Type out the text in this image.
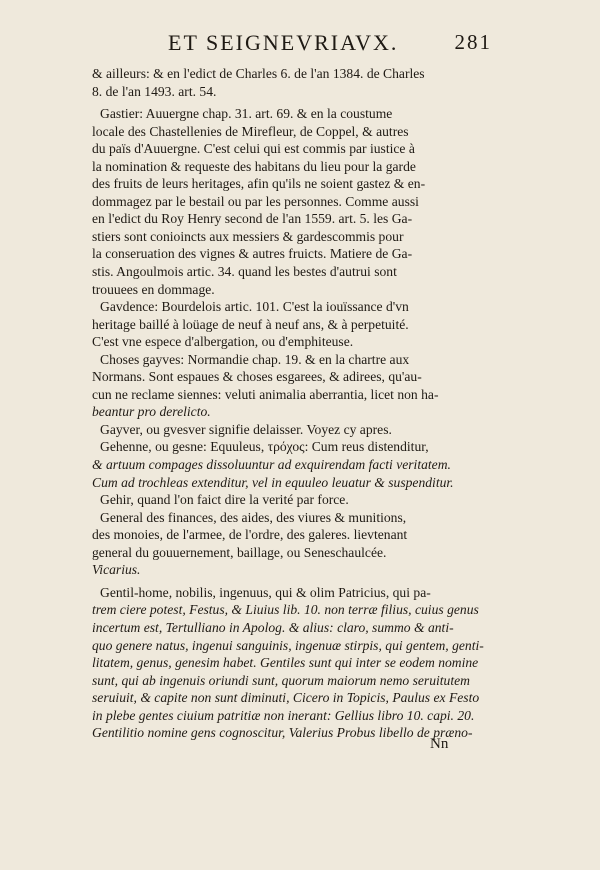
ET SEIGNEVRIAVX.	281
& ailleurs: & en l'edict de Charles 6. de l'an 1384. de Charles
8. de l'an 1493. art. 54.
Gastier: Auuergne chap. 31. art. 69. & en la coustume
locale des Chastellenies de Mirefleur, de Coppel, & autres
du païs d'Auuergne. C'est celui qui est commis par iustice à
la nomination & requeste des habitans du lieu pour la garde
des fruits de leurs heritages, afin qu'ils ne soient gastez & en-
dommagez par le bestail ou par les personnes. Comme aussi
en l'edict du Roy Henry second de l'an 1559. art. 5. les Ga-
stiers sont conioincts aux messiers & gardescommis pour
la conseruation des vignes & autres fruicts. Matiere de Ga-
stis. Angoulmois artic. 34. quand les bestes d'autrui sont
trouuees en dommage.
Gavdence: Bourdelois artic. 101. C'est la iouïssance d'vn
heritage baillé à loüage de neuf à neuf ans, & à perpetuité.
C'est vne espece d'albergation, ou d'emphiteuse.
Choses gayves: Normandie chap. 19. & en la chartre aux
Normans. Sont espaues & choses esgarees, & adirees, qu'au-
cun ne reclame siennes: veluti animalia aberrantia, licet non ha-
beantur pro derelicto.
Gayver, ou gvesver signifie delaisser. Voyez cy apres.
Gehenne, ou gesne: Equuleus, τρόχος: Cum reus distenditur,
& artuum compages dissoluuntur ad exquirendam facti veritatem.
Cum ad trochleas extenditur, vel in equuleo leuatur & suspenditur.
Gehir, quand l'on faict dire la verité par force.
General des finances, des aides, des viures & munitions,
des monoies, de l'armee, de l'ordre, des galeres. lievtenant
general du gouuernement, baillage, ou Seneschaulcée.
Vicarius.
Gentil-home, nobilis, ingenuus, qui & olim Patricius, qui pa-
trem ciere potest, Festus, & Liuius lib. 10. non terræ filius, cuius genus
incertum est, Tertulliano in Apolog. & alius: claro, summo & anti-
quo genere natus, ingenui sanguinis, ingenuæ stirpis, qui gentem, genti-
litatem, genus, genesim habet. Gentiles sunt qui inter se eodem nomine
sunt, qui ab ingenuis oriundi sunt, quorum maiorum nemo seruitutem
seruiuit, & capite non sunt diminuti, Cicero in Topicis, Paulus ex Festo
in plebe gentes ciuium patritiæ non inerant: Gellius libro 10. capi. 20.
Gentilitio nomine gens cognoscitur, Valerius Probus libello de præno-
Nn
